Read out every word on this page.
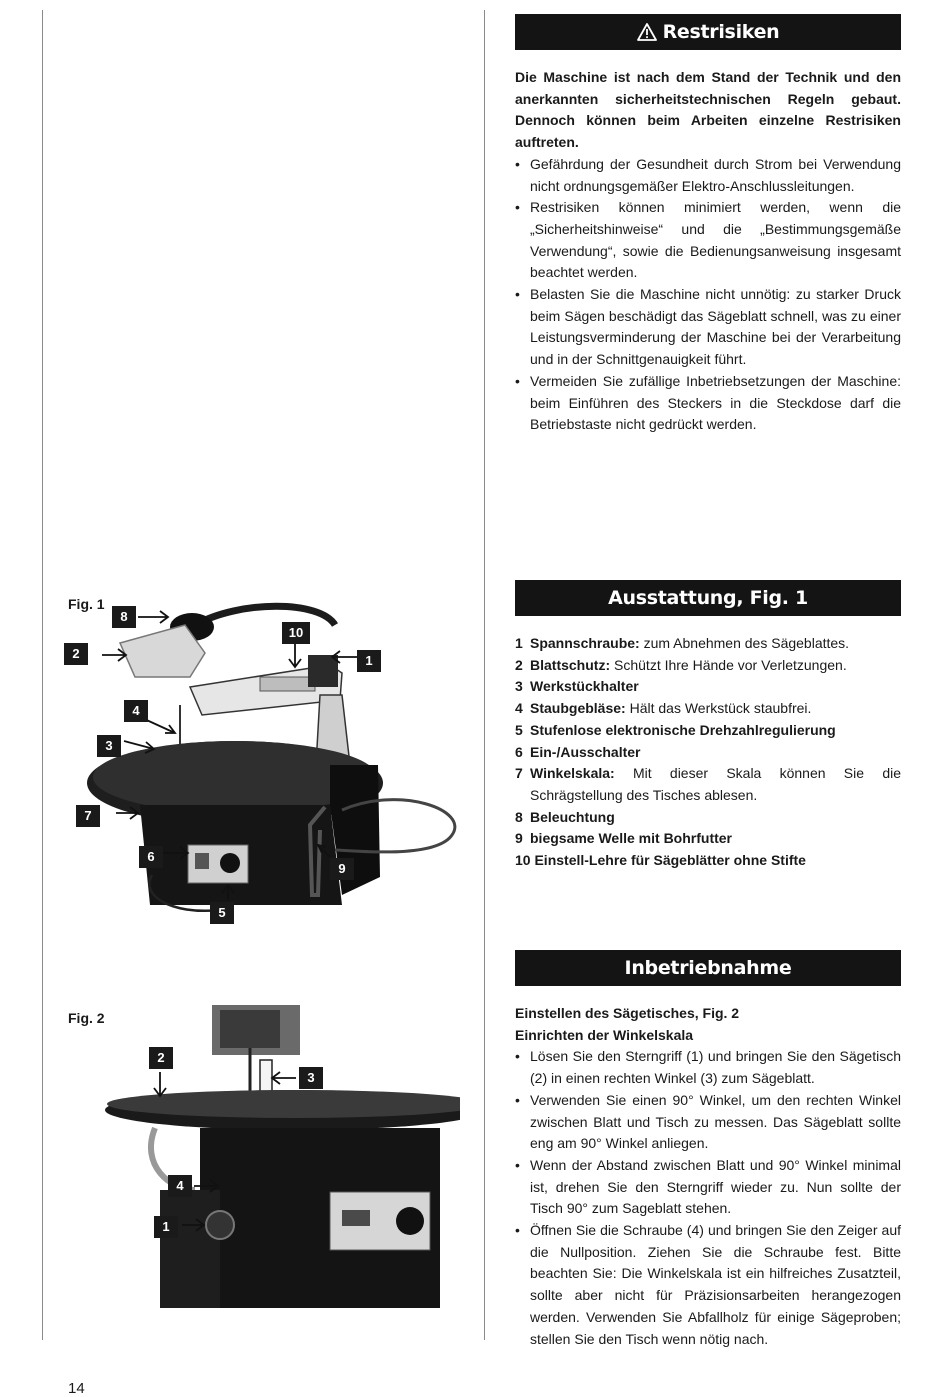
Restrisiken

Die Maschine ist nach dem Stand der Technik und den anerkannten sicherheitstechnischen Regeln gebaut. Dennoch können beim Arbeiten einzelne Restrisiken auftreten.

• Gefährdung der Gesundheit durch Strom bei Verwendung nicht ordnungsgemäßer Elektro-Anschlussleitungen.
• Restrisiken können minimiert werden, wenn die „Sicherheitshinweise“ und die „Bestimmungsgemäße Verwendung“, sowie die Bedienungsanweisung insgesamt beachtet werden.
• Belasten Sie die Maschine nicht unnötig: zu starker Druck beim Sägen beschädigt das Sägeblatt schnell, was zu einer Leistungsverminderung der Maschine bei der Verarbeitung und in der Schnittgenauigkeit führt.
• Vermeiden Sie zufällige Inbetriebsetzungen der Maschine: beim Einführen des Steckers in die Steckdose darf die Betriebstaste nicht gedrückt werden.
Ausstattung, Fig. 1
1 Spannschraube: zum Abnehmen des Sägeblattes.
2 Blattschutz: Schützt Ihre Hände vor Verletzungen.
3 Werkstückhalter
4 Staubgebläse: Hält das Werkstück staubfrei.
5 Stufenlose elektronische Drehzahlregulierung
6 Ein-/Ausschalter
7 Winkelskala: Mit dieser Skala können Sie die Schrägstellung des Tisches ablesen.
8 Beleuchtung
9 biegsame Welle mit Bohrfutter
10 Einstell-Lehre für Sägeblätter ohne Stifte
Inbetriebnahme

Einstellen des Sägetisches, Fig. 2

Einrichten der Winkelskala

• Lösen Sie den Sterngriff (1) und bringen Sie den Sägetisch (2) in einen rechten Winkel (3) zum Sägeblatt.
• Verwenden Sie einen 90° Winkel, um den rechten Winkel zwischen Blatt und Tisch zu messen. Das Sägeblatt sollte eng am 90° Winkel anliegen.
• Wenn der Abstand zwischen Blatt und 90° Winkel minimal ist, drehen Sie den Sterngriff wieder zu. Nun sollte der Tisch 90° zum Sageblatt stehen.
• Öffnen Sie die Schraube (4) und bringen Sie den Zeiger auf die Nullposition. Ziehen Sie die Schraube fest. Bitte beachten Sie: Die Winkelskala ist ein hilfreiches Zusatzteil, sollte aber nicht für Präzisionsarbeiten herangezogen werden. Verwenden Sie Abfallholz für einige Sägeproben; stellen Sie den Tisch wenn nötig nach.
Fig. 1
8
10
2	1
4
3
7
6
9
5
Fig. 2
2
3
4
1
14
